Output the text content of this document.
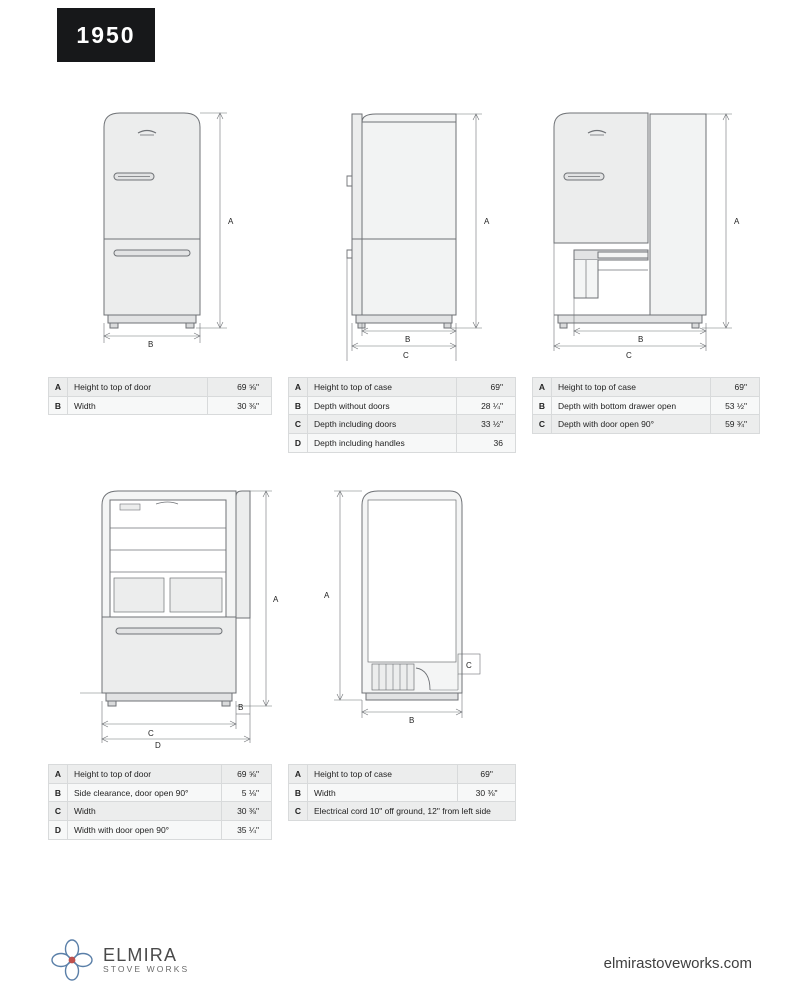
1950
A
B
A
B
C
A
B
C
A	Height to top of door	69 ⅝"
B	Width	30 ⅜"
A	Height to top of case	69"
B	Depth without doors	28 ¼"
C	Depth including doors	33 ½"
D	Depth including handles	36
A	Height to top of case	69"
B	Depth with bottom drawer open	53 ½"
C	Depth with door open 90°	59 ¾"
A
B
C
D
A
B
C
A	Height to top of door	69 ⅝"
B	Side clearance, door open 90°	5 ⅛"
C	Width	30 ⅜"
D	Width with door open 90°	35 ¼"
A	Height to top of case	69"
B	Width	30 ⅜"
C	Electrical cord 10" off ground, 12" from left side	
ELMIRA
STOVE WORKS	elmirastoveworks.com
